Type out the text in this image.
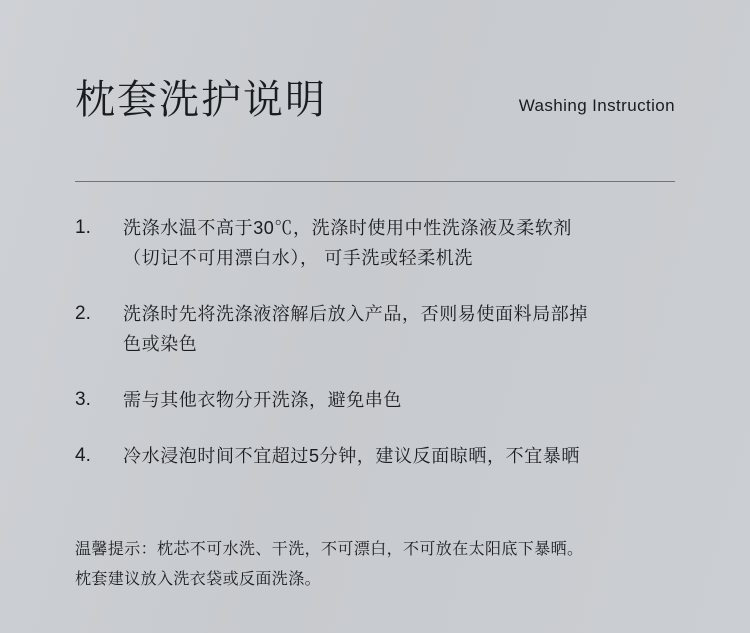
枕套洗护说明	Washing Instruction
1.	洗涤水温不高于30℃，洗涤时使用中性洗涤液及柔软剂
（切记不可用漂白水）， 可手洗或轻柔机洗
2.	洗涤时先将洗涤液溶解后放入产品，否则易使面料局部掉
色或染色
3.	需与其他衣物分开洗涤，避免串色
4.	冷水浸泡时间不宜超过5分钟，建议反面晾晒，不宜暴晒
温馨提示：枕芯不可水洗、干洗，不可漂白，不可放在太阳底下暴晒。
枕套建议放入洗衣袋或反面洗涤。
